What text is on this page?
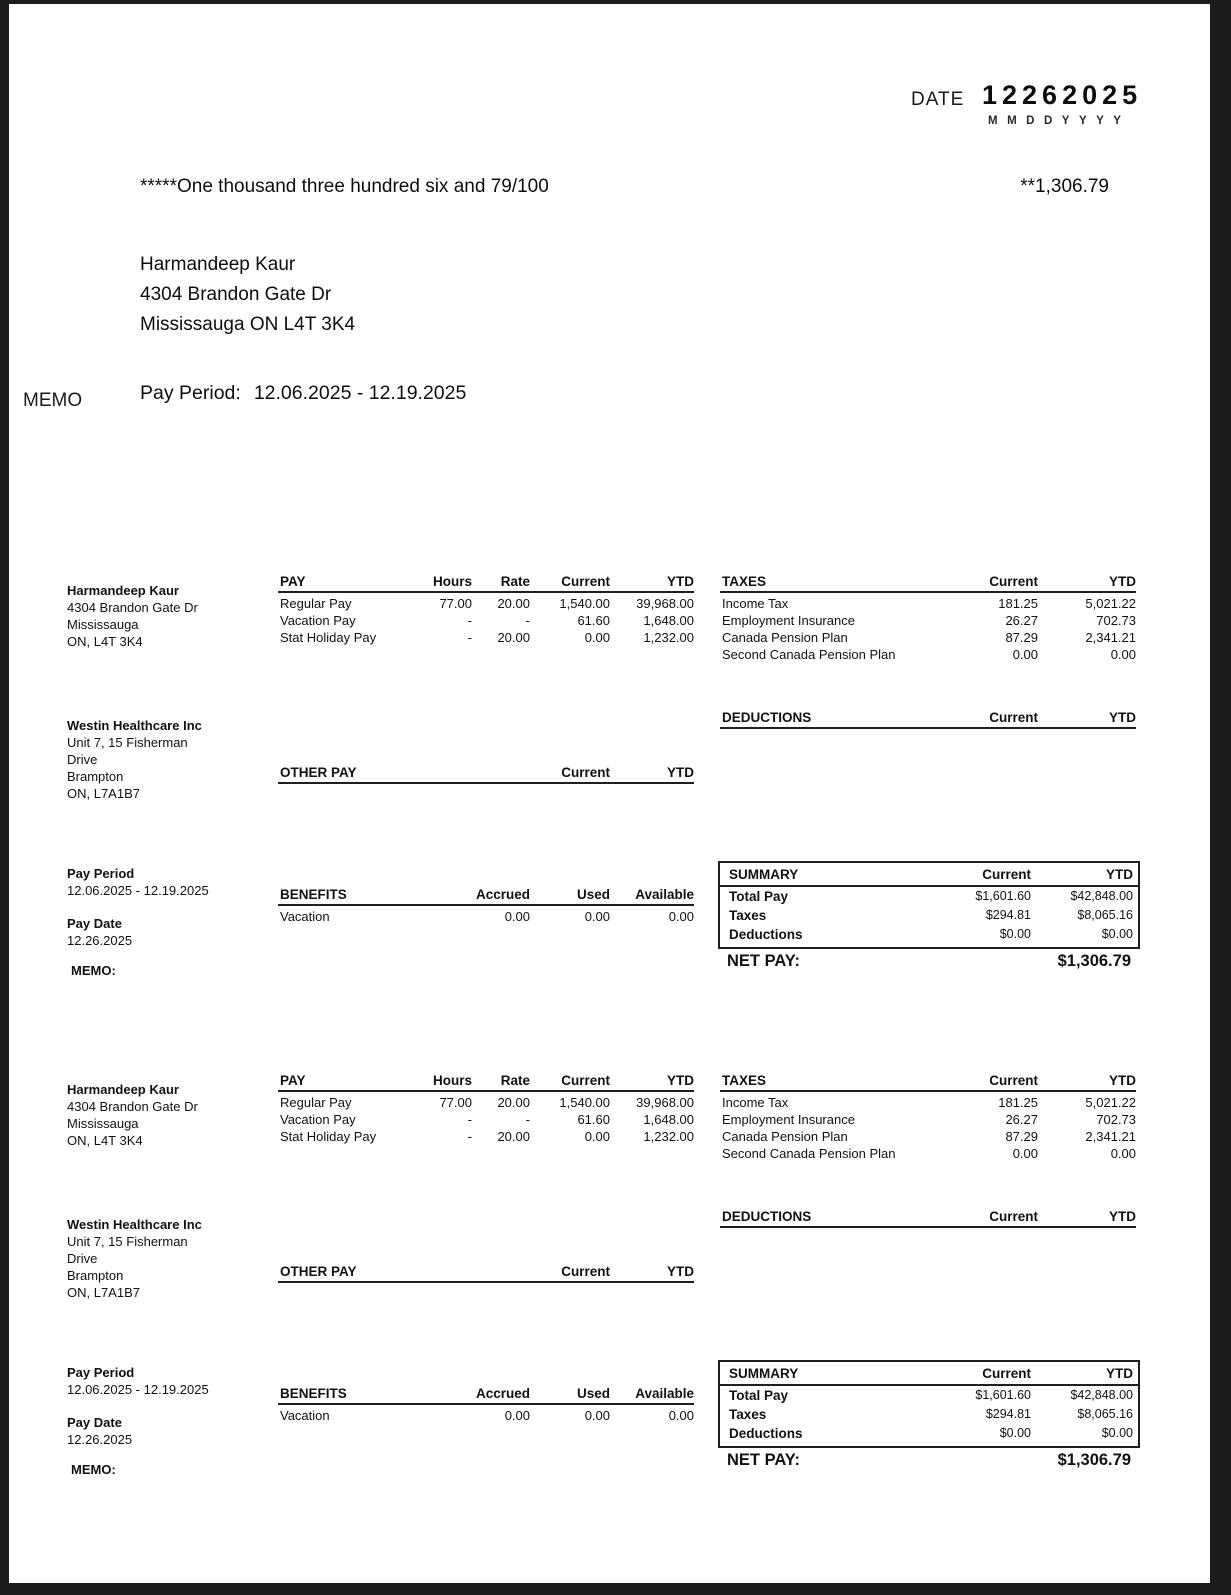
DATE 12262025
MMDDYYYY
*****One thousand three hundred six and 79/100	**1,306.79
Harmandeep Kaur
4304 Brandon Gate Dr
Mississauga ON L4T 3K4
MEMO	Pay Period: 12.06.2025 - 12.19.2025
Harmandeep Kaur
4304 Brandon Gate Dr
Mississauga
ON, L4T 3K4
PAY	Hours	Rate	Current	YTD
Regular Pay	77.00	20.00	1,540.00	39,968.00
Vacation Pay	-	-	61.60	1,648.00
Stat Holiday Pay	-	20.00	0.00	1,232.00
TAXES	Current	YTD
Income Tax	181.25	5,021.22
Employment Insurance	26.27	702.73
Canada Pension Plan	87.29	2,341.21
Second Canada Pension Plan	0.00	0.00
DEDUCTIONS	Current	YTD
Westin Healthcare Inc
Unit 7, 15 Fisherman
Drive
Brampton
ON, L7A1B7
OTHER PAY	Current	YTD
Pay Period
12.06.2025 - 12.19.2025
Pay Date
12.26.2025
MEMO:
BENEFITS	Accrued	Used	Available
Vacation	0.00	0.00	0.00
SUMMARY	Current	YTD
Total Pay	$1,601.60	$42,848.00
Taxes	$294.81	$8,065.16
Deductions	$0.00	$0.00
NET PAY:	$1,306.79
Harmandeep Kaur
4304 Brandon Gate Dr
Mississauga
ON, L4T 3K4
PAY	Hours	Rate	Current	YTD
Regular Pay	77.00	20.00	1,540.00	39,968.00
Vacation Pay	-	-	61.60	1,648.00
Stat Holiday Pay	-	20.00	0.00	1,232.00
TAXES	Current	YTD
Income Tax	181.25	5,021.22
Employment Insurance	26.27	702.73
Canada Pension Plan	87.29	2,341.21
Second Canada Pension Plan	0.00	0.00
DEDUCTIONS	Current	YTD
Westin Healthcare Inc
Unit 7, 15 Fisherman
Drive
Brampton
ON, L7A1B7
OTHER PAY	Current	YTD
Pay Period
12.06.2025 - 12.19.2025
Pay Date
12.26.2025
MEMO:
BENEFITS	Accrued	Used	Available
Vacation	0.00	0.00	0.00
SUMMARY	Current	YTD
Total Pay	$1,601.60	$42,848.00
Taxes	$294.81	$8,065.16
Deductions	$0.00	$0.00
NET PAY:	$1,306.79
